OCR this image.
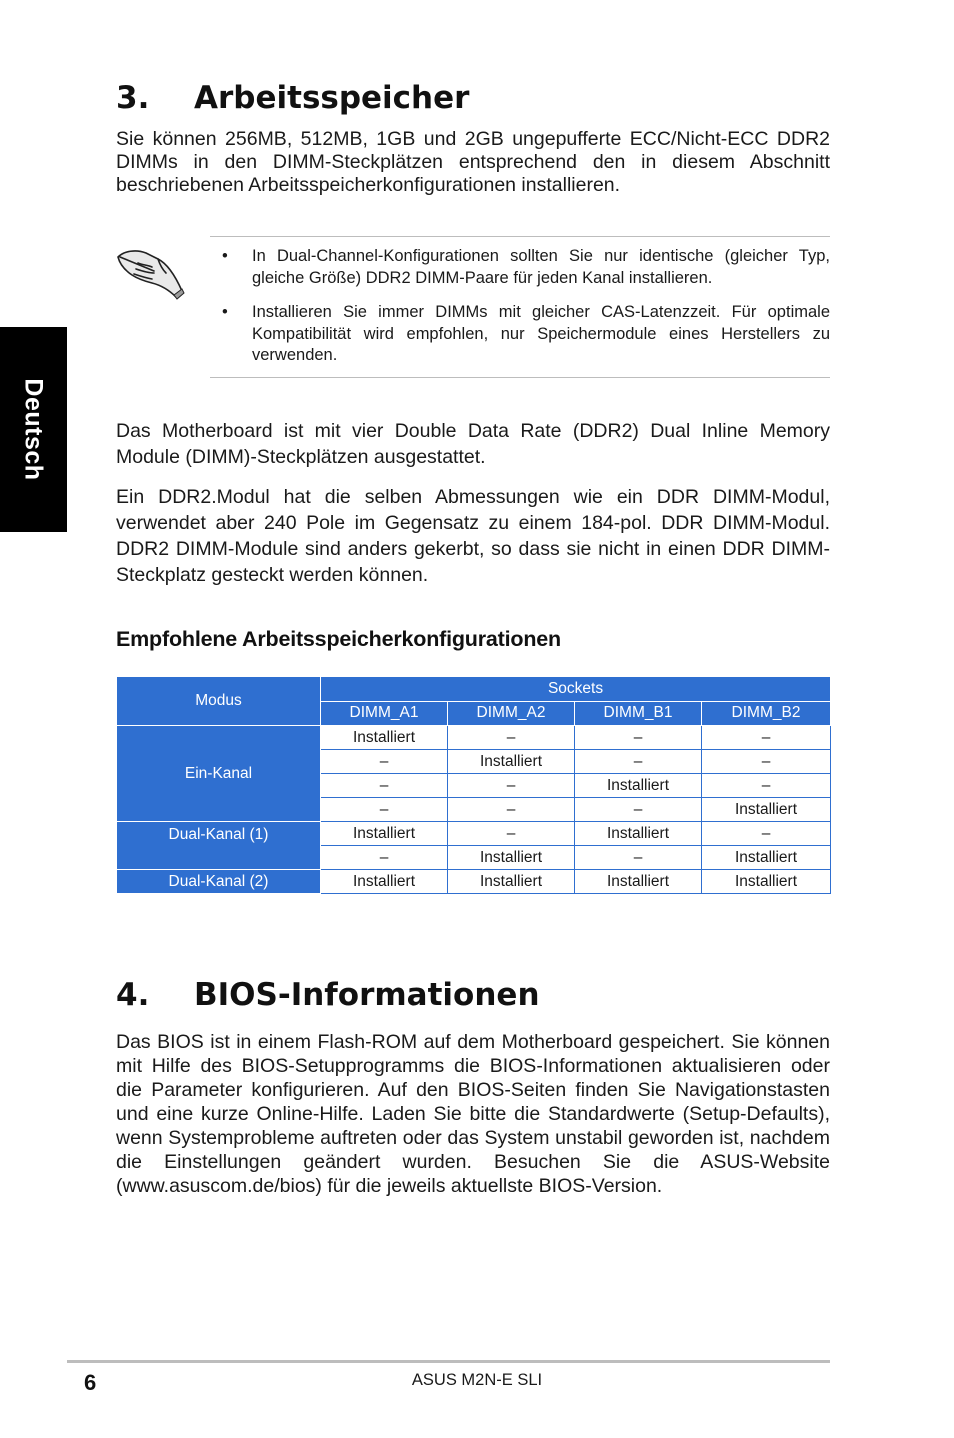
Deutsch
3. Arbeitsspeicher

Sie können 256MB, 512MB, 1GB und 2GB ungepufferte ECC/Nicht-ECC DDR2 DIMMs in den DIMM-Steckplätzen entsprechend den in diesem Abschnitt beschriebenen Arbeitsspeicherkonfigurationen installieren.

• In Dual-Channel-Konfigurationen sollten Sie nur identische (gleicher Typ, gleiche Größe) DDR2 DIMM-Paare für jeden Kanal installieren.
• Installieren Sie immer DIMMs mit gleicher CAS-Latenzzeit. Für optimale Kompatibilität wird empfohlen, nur Speichermodule eines Herstellers zu verwenden.

Das Motherboard ist mit vier Double Data Rate (DDR2) Dual Inline Memory Module (DIMM)-Steckplätzen ausgestattet.

Ein DDR2.Modul hat die selben Abmessungen wie ein DDR DIMM-Modul, verwendet aber 240 Pole im Gegensatz zu einem 184-pol. DDR DIMM-Modul. DDR2 DIMM-Module sind anders gekerbt, so dass sie nicht in einen DDR DIMM-Steckplatz gesteckt werden können.

Empfohlene Arbeitsspeicherkonfigurationen
Modus	Sockets			
	DIMM_A1	DIMM_A2	DIMM_B1	DIMM_B2
Ein-Kanal	Installiert	–	–	–
	–	Installiert	–	–
	–	–	Installiert	–
	–	–	–	Installiert
Dual-Kanal (1)	Installiert	–	Installiert	–
	–	Installiert	–	Installiert
Dual-Kanal (2)	Installiert	Installiert	Installiert	Installiert
4. BIOS-Informationen

Das BIOS ist in einem Flash-ROM auf dem Motherboard gespeichert. Sie können mit Hilfe des BIOS-Setupprogramms die BIOS-Informationen aktualisieren oder die Parameter konfigurieren. Auf den BIOS-Seiten finden Sie Navigationstasten und eine kurze Online-Hilfe. Laden Sie bitte die Standardwerte (Setup-Defaults), wenn Systemprobleme auftreten oder das System unstabil geworden ist, nachdem die Einstellungen geändert wurden. Besuchen Sie die ASUS-Website (www.asuscom.de/bios) für die jeweils aktuellste BIOS-Version.

6	ASUS M2N-E SLI
